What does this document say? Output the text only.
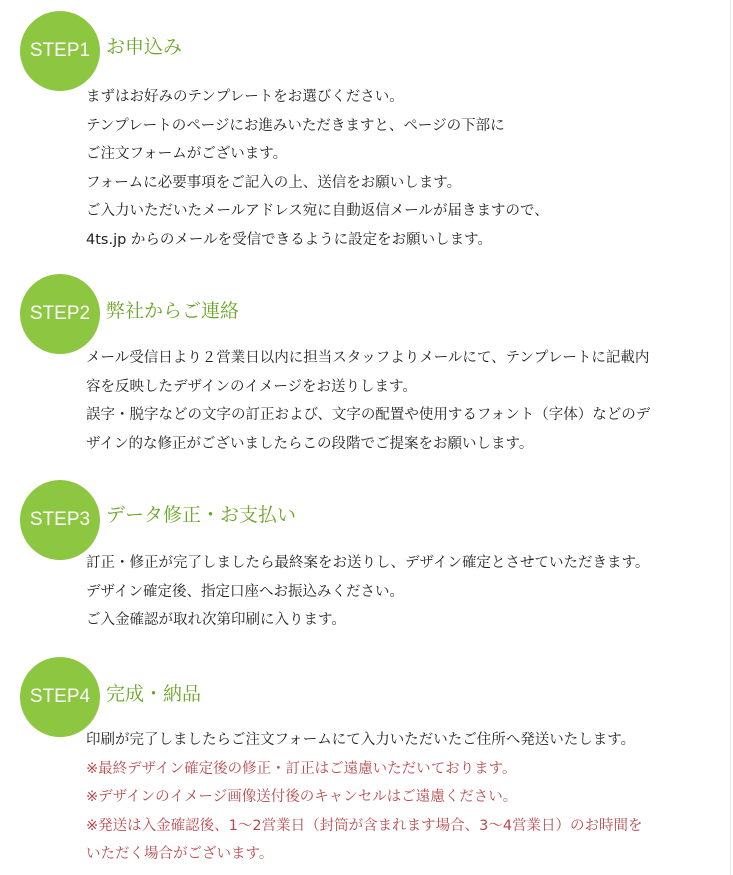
STEP1 お申込み
まずはお好みのテンプレートをお選びください。
テンプレートのページにお進みいただきますと、ページの下部に
ご注文フォームがございます。
フォームに必要事項をご記入の上、送信をお願いします。
ご入力いただいたメールアドレス宛に自動返信メールが届きますので、
4ts.jp からのメールを受信できるように設定をお願いします。
STEP2 弊社からご連絡
メール受信日より２営業日以内に担当スタッフよりメールにて、テンプレートに記載内
容を反映したデザインのイメージをお送りします。
誤字・脱字などの文字の訂正および、文字の配置や使用するフォント（字体）などのデ
ザイン的な修正がございましたらこの段階でご提案をお願いします。
STEP3 データ修正・お支払い
訂正・修正が完了しましたら最終案をお送りし、デザイン確定とさせていただきます。
デザイン確定後、指定口座へお振込みください。
ご入金確認が取れ次第印刷に入ります。
STEP4 完成・納品
印刷が完了しましたらご注文フォームにて入力いただいたご住所へ発送いたします。
※最終デザイン確定後の修正・訂正はご遠慮いただいております。
※デザインのイメージ画像送付後のキャンセルはご遠慮ください。
※発送は入金確認後、1〜2営業日（封筒が含まれます場合、3〜4営業日）のお時間を
いただく場合がございます。
